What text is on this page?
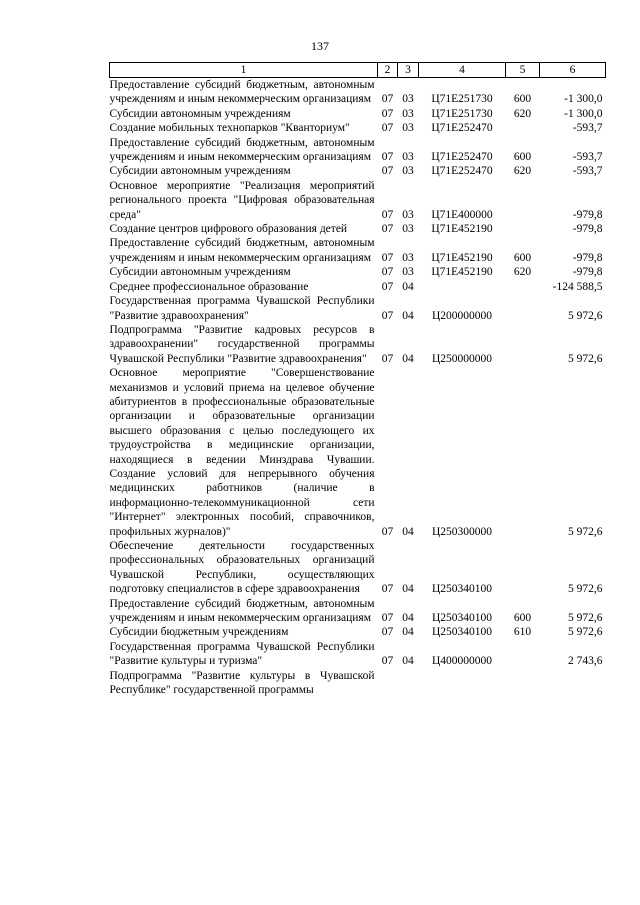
137
1	2	3	4	5	6
Предоставление субсидий бюджетным, автономным учреждениям и иным некоммерческим организациям	07	03	Ц71E251730	600	-1 300,0
Субсидии автономным учреждениям	07	03	Ц71E251730	620	-1 300,0
Создание мобильных технопарков "Кванториум"	07	03	Ц71E252470		-593,7
Предоставление субсидий бюджетным, автономным учреждениям и иным некоммерческим организациям	07	03	Ц71E252470	600	-593,7
Субсидии автономным учреждениям	07	03	Ц71E252470	620	-593,7
Основное мероприятие "Реализация мероприятий регионального проекта "Цифровая образовательная среда"	07	03	Ц71E400000		-979,8
Создание центров цифрового образования детей	07	03	Ц71E452190		-979,8
Предоставление субсидий бюджетным, автономным учреждениям и иным некоммерческим организациям	07	03	Ц71E452190	600	-979,8
Субсидии автономным учреждениям	07	03	Ц71E452190	620	-979,8
Среднее профессиональное образование	07	04			-124 588,5
Государственная программа Чувашской Республики "Развитие здравоохранения"	07	04	Ц200000000		5 972,6
Подпрограмма "Развитие кадровых ресурсов в здравоохранении" государственной программы Чувашской Республики "Развитие здравоохранения"	07	04	Ц250000000		5 972,6
Основное мероприятие "Совершенствование механизмов и условий приема на целевое обучение абитуриентов в профессиональные образовательные организации и образовательные организации высшего образования с целью последующего их трудоустройства в медицинские организации, находящиеся в ведении Минздрава Чувашии. Создание условий для непрерывного обучения медицинских работников (наличие в информационно-телекоммуникационной сети "Интернет" электронных пособий, справочников, профильных журналов)"	07	04	Ц250300000		5 972,6
Обеспечение деятельности государственных профессиональных образовательных организаций Чувашской Республики, осуществляющих подготовку специалистов в сфере здравоохранения	07	04	Ц250340100		5 972,6
Предоставление субсидий бюджетным, автономным учреждениям и иным некоммерческим организациям	07	04	Ц250340100	600	5 972,6
Субсидии бюджетным учреждениям	07	04	Ц250340100	610	5 972,6
Государственная программа Чувашской Республики "Развитие культуры и туризма"	07	04	Ц400000000		2 743,6
Подпрограмма "Развитие культуры в Чувашской Республике" государственной программы					
